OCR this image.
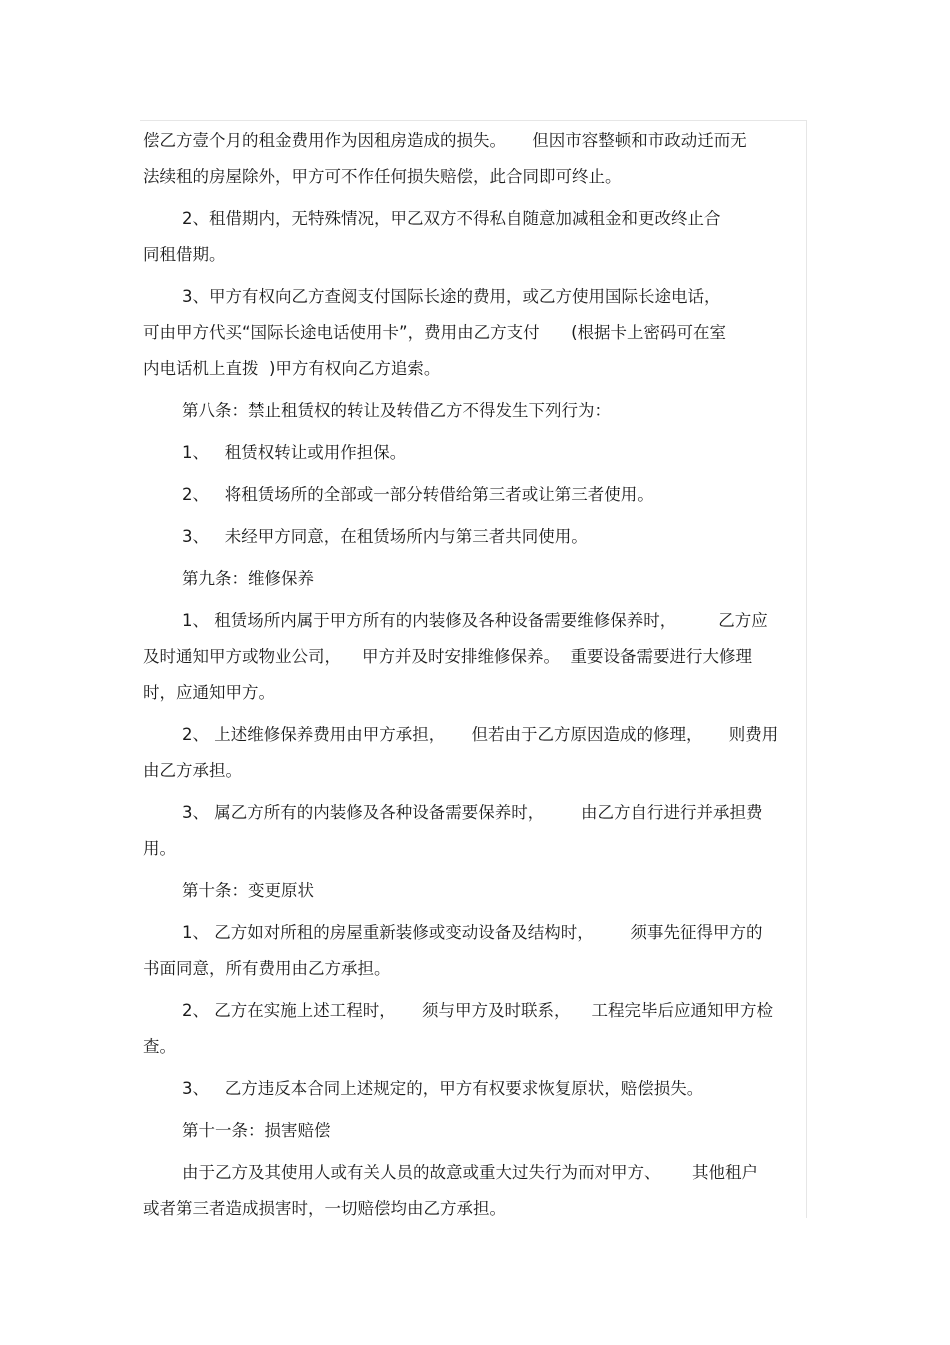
偿乙方壹个月的租金费用作为因租房造成的损失。     但因市容整顿和市政动迁而无
法续租的房屋除外，甲方可不作任何损失赔偿，此合同即可终止。
2、租借期内，无特殊情况，甲乙双方不得私自随意加减租金和更改终止合
同租借期。
3、甲方有权向乙方查阅支付国际长途的费用，或乙方使用国际长途电话，
可由甲方代买“国际长途电话使用卡”，费用由乙方支付      (根据卡上密码可在室
内电话机上直拨  )甲方有权向乙方追索。
第八条：禁止租赁权的转让及转借乙方不得发生下列行为：
1、   租赁权转让或用作担保。
2、   将租赁场所的全部或一部分转借给第三者或让第三者使用。
3、   未经甲方同意，在租赁场所内与第三者共同使用。
第九条：维修保养
1、 租赁场所内属于甲方所有的内装修及各种设备需要维修保养时，        乙方应
及时通知甲方或物业公司，    甲方并及时安排维修保养。  重要设备需要进行大修理
时，应通知甲方。
2、 上述维修保养费用由甲方承担，     但若由于乙方原因造成的修理，     则费用
由乙方承担。
3、 属乙方所有的内装修及各种设备需要保养时，       由乙方自行进行并承担费
用。
第十条：变更原状
1、 乙方如对所租的房屋重新装修或变动设备及结构时，       须事先征得甲方的
书面同意，所有费用由乙方承担。
2、 乙方在实施上述工程时，     须与甲方及时联系，    工程完毕后应通知甲方检
查。
3、   乙方违反本合同上述规定的，甲方有权要求恢复原状，赔偿损失。
第十一条：损害赔偿
由于乙方及其使用人或有关人员的故意或重大过失行为而对甲方、      其他租户
或者第三者造成损害时，一切赔偿均由乙方承担。
